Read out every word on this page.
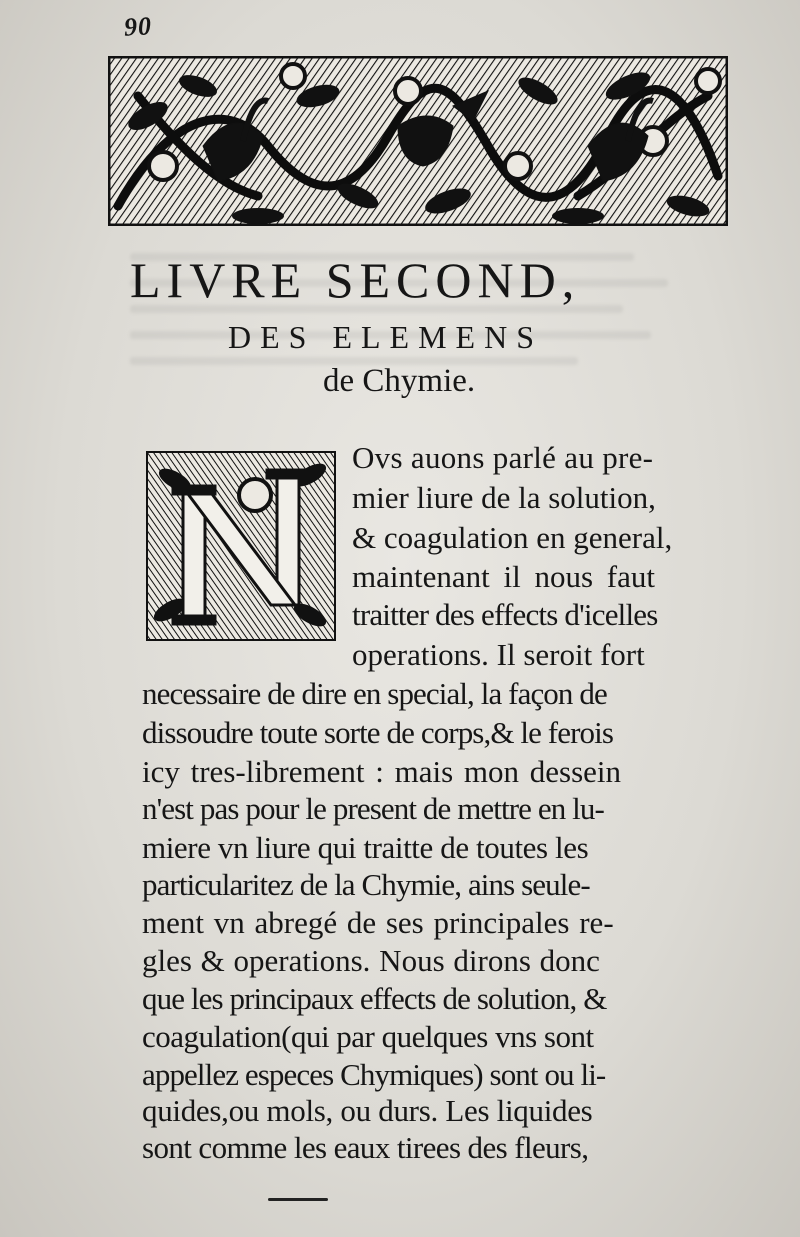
90
LIVRE SECOND,
DES ELEMENS
de Chymie.
Ovs auons parlé au pre-
mier liure de la solution,
& coagulation en general,
maintenant il nous faut
traitter des effects d'icelles
operations. Il seroit fort
necessaire de dire en special, la façon de
dissoudre toute sorte de corps,& le ferois
icy tres-librement : mais mon dessein
n'est pas pour le present de mettre en lu-
miere vn liure qui traitte de toutes les
particularitez de la Chymie, ains seule-
ment vn abregé de ses principales re-
gles & operations. Nous dirons donc
que les principaux effects de solution, &
coagulation(qui par quelques vns sont
appellez especes Chymiques) sont ou li-
quides,ou mols, ou durs. Les liquides
sont comme les eaux tirees des fleurs,
